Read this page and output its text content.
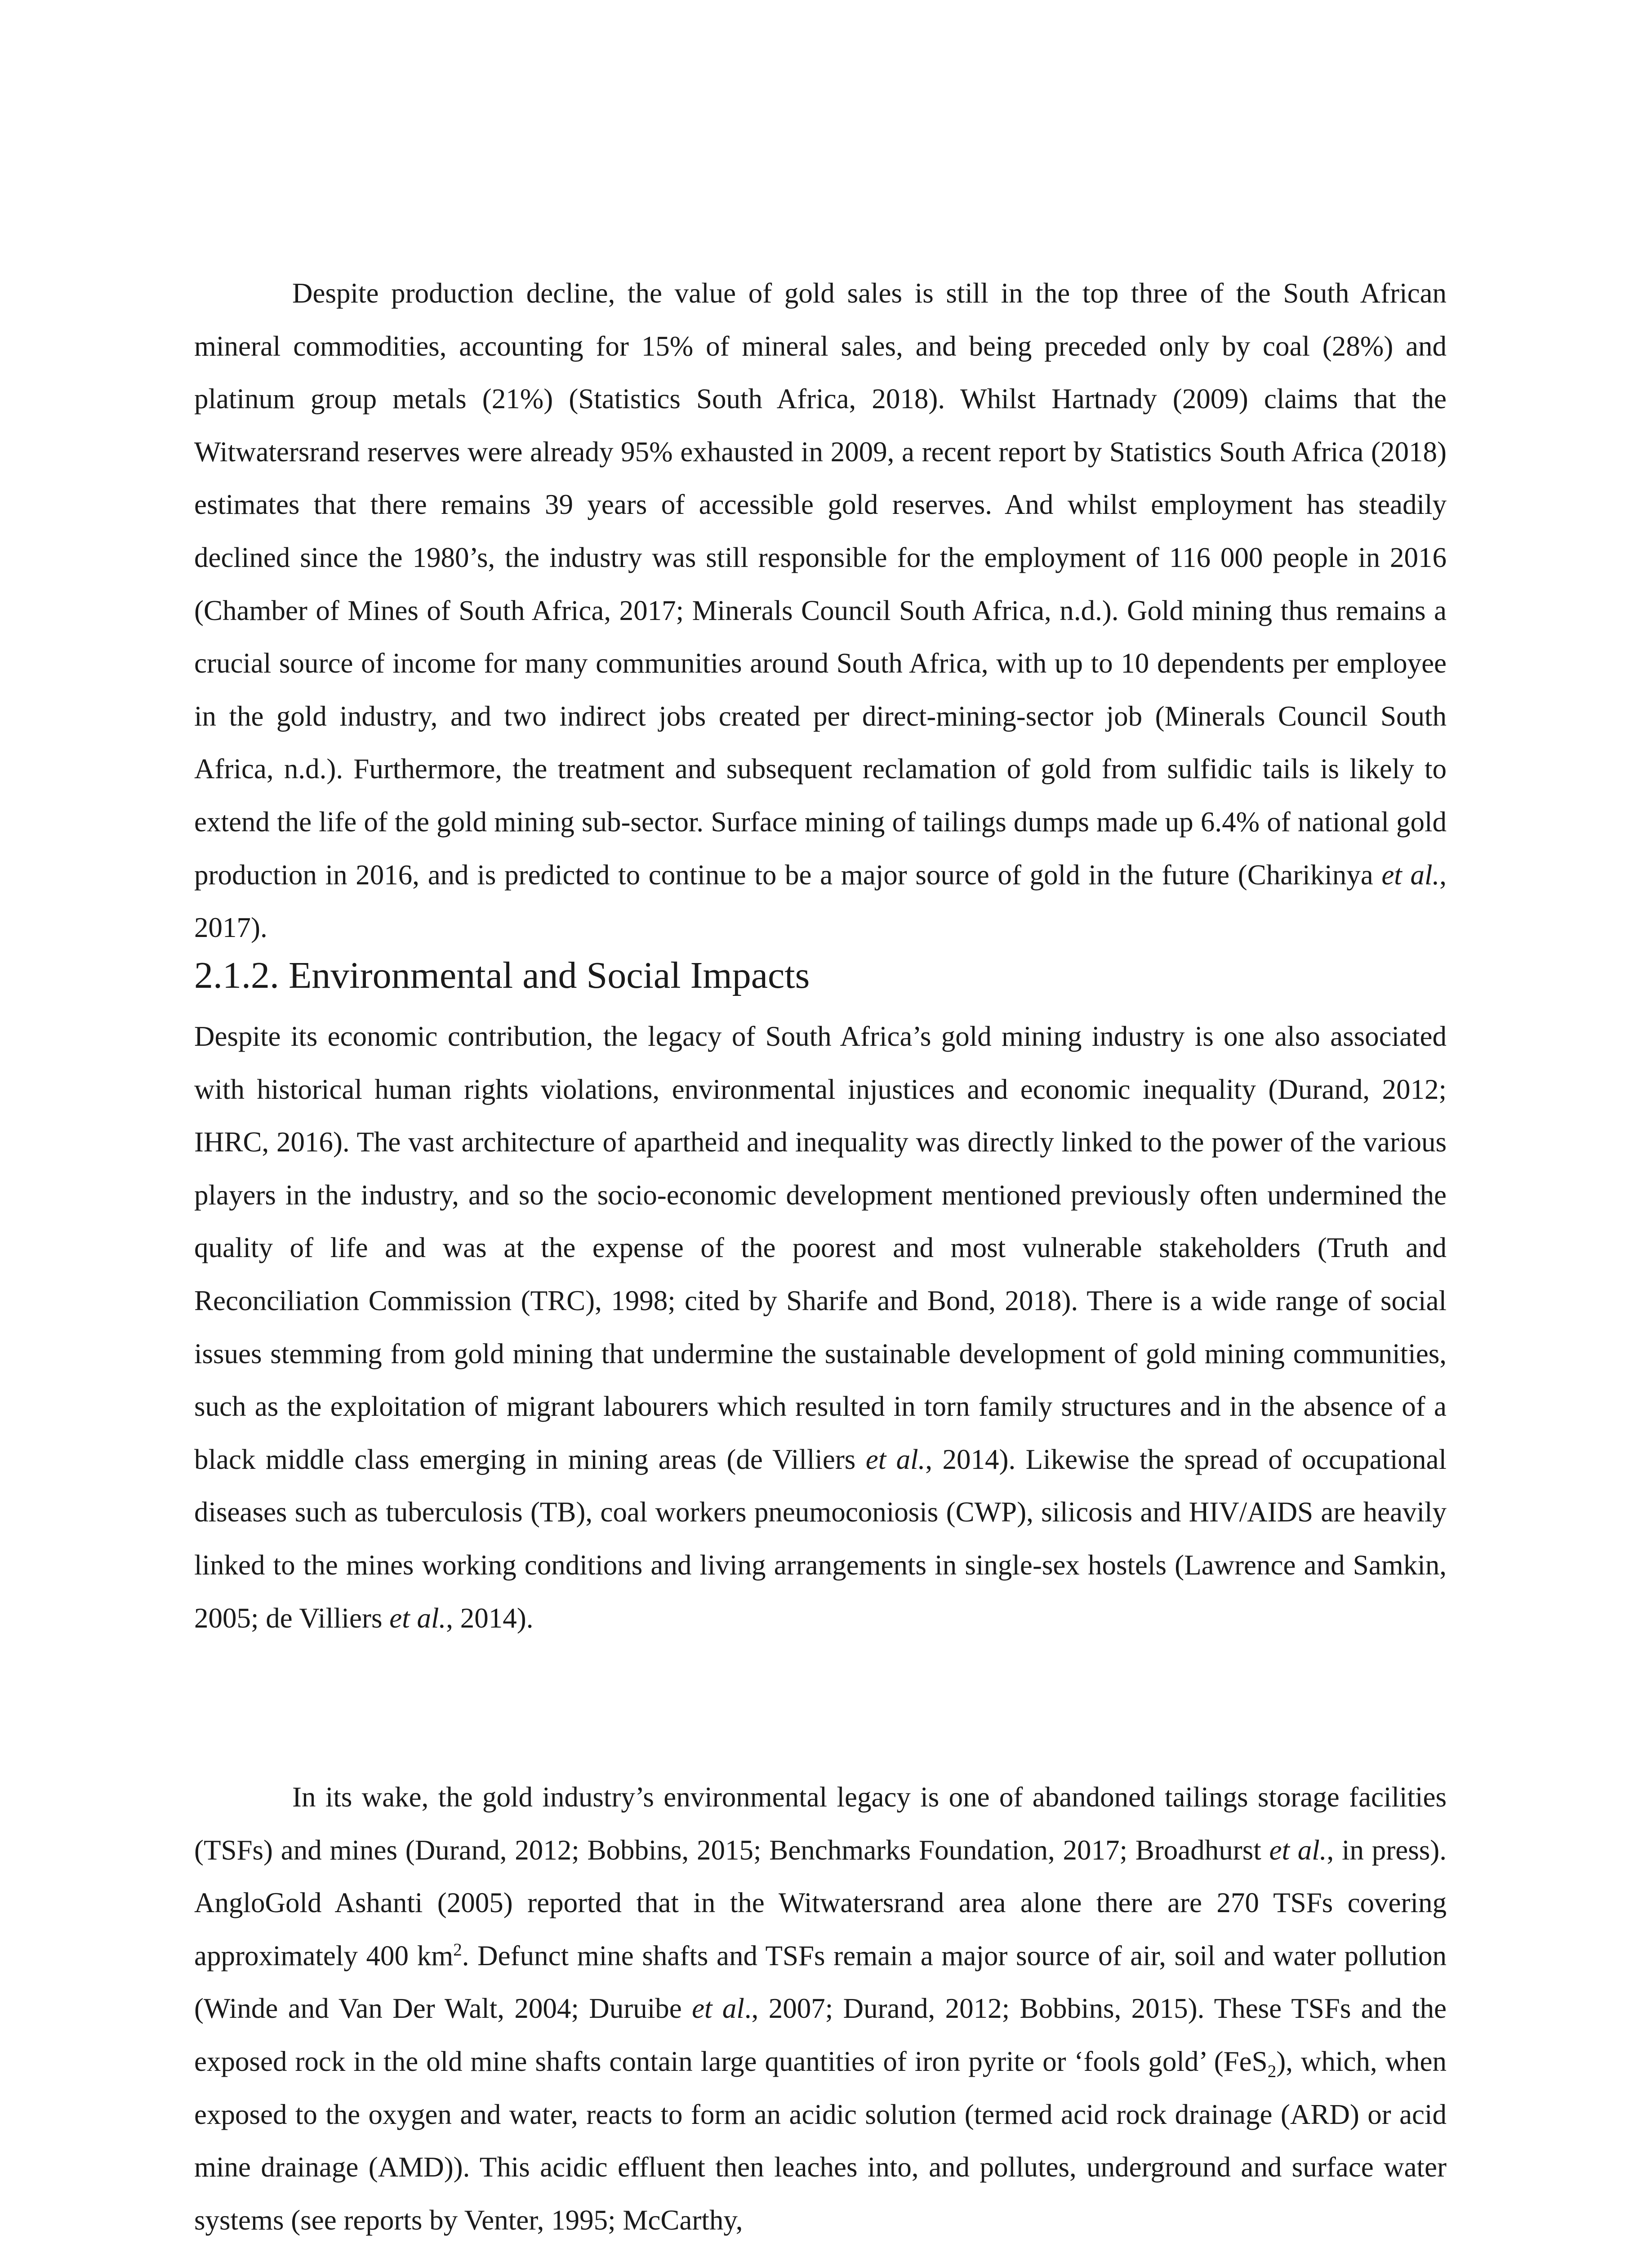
Despite production decline, the value of gold sales is still in the top three of the South African mineral commodities, accounting for 15% of mineral sales, and being preceded only by coal (28%) and platinum group metals (21%) (Statistics South Africa, 2018). Whilst Hartnady (2009) claims that the Witwatersrand reserves were already 95% exhausted in 2009, a recent report by Statistics South Africa (2018) estimates that there remains 39 years of accessible gold reserves. And whilst employment has steadily declined since the 1980’s, the industry was still responsible for the employment of 116 000 people in 2016 (Chamber of Mines of South Africa, 2017; Minerals Council South Africa, n.d.). Gold mining thus remains a crucial source of income for many communities around South Africa, with up to 10 dependents per employee in the gold industry, and two indirect jobs created per direct-mining-sector job (Minerals Council South Africa, n.d.). Furthermore, the treatment and subsequent reclamation of gold from sulfidic tails is likely to extend the life of the gold mining sub-sector. Surface mining of tailings dumps made up 6.4% of national gold production in 2016, and is predicted to continue to be a major source of gold in the future (Charikinya et al., 2017).
2.1.2. Environmental and Social Impacts
Despite its economic contribution, the legacy of South Africa’s gold mining industry is one also associated with historical human rights violations, environmental injustices and economic inequality (Durand, 2012; IHRC, 2016). The vast architecture of apartheid and inequality was directly linked to the power of the various players in the industry, and so the socio-economic development mentioned previously often undermined the quality of life and was at the expense of the poorest and most vulnerable stakeholders (Truth and Reconciliation Commission (TRC), 1998; cited by Sharife and Bond, 2018). There is a wide range of social issues stemming from gold mining that undermine the sustainable development of gold mining communities, such as the exploitation of migrant labourers which resulted in torn family structures and in the absence of a black middle class emerging in mining areas (de Villiers et al., 2014). Likewise the spread of occupational diseases such as tuberculosis (TB), coal workers pneumoconiosis (CWP), silicosis and HIV/AIDS are heavily linked to the mines working conditions and living arrangements in single-sex hostels (Lawrence and Samkin, 2005; de Villiers et al., 2014).
In its wake, the gold industry’s environmental legacy is one of abandoned tailings storage facilities (TSFs) and mines (Durand, 2012; Bobbins, 2015; Benchmarks Foundation, 2017; Broadhurst et al., in press). AngloGold Ashanti (2005) reported that in the Witwatersrand area alone there are 270 TSFs covering approximately 400 $km^2$. Defunct mine shafts and TSFs remain a major source of air, soil and water pollution (Winde and Van Der Walt, 2004; Duruibe et al., 2007; Durand, 2012; Bobbins, 2015). These TSFs and the exposed rock in the old mine shafts contain large quantities of iron pyrite or ‘fools gold’ (FeS$_2$), which, when exposed to the oxygen and water, reacts to form an acidic solution (termed acid rock drainage (ARD) or acid mine drainage (AMD)). This acidic effluent then leaches into, and pollutes, underground and surface water systems (see reports by Venter, 1995; McCarthy,
